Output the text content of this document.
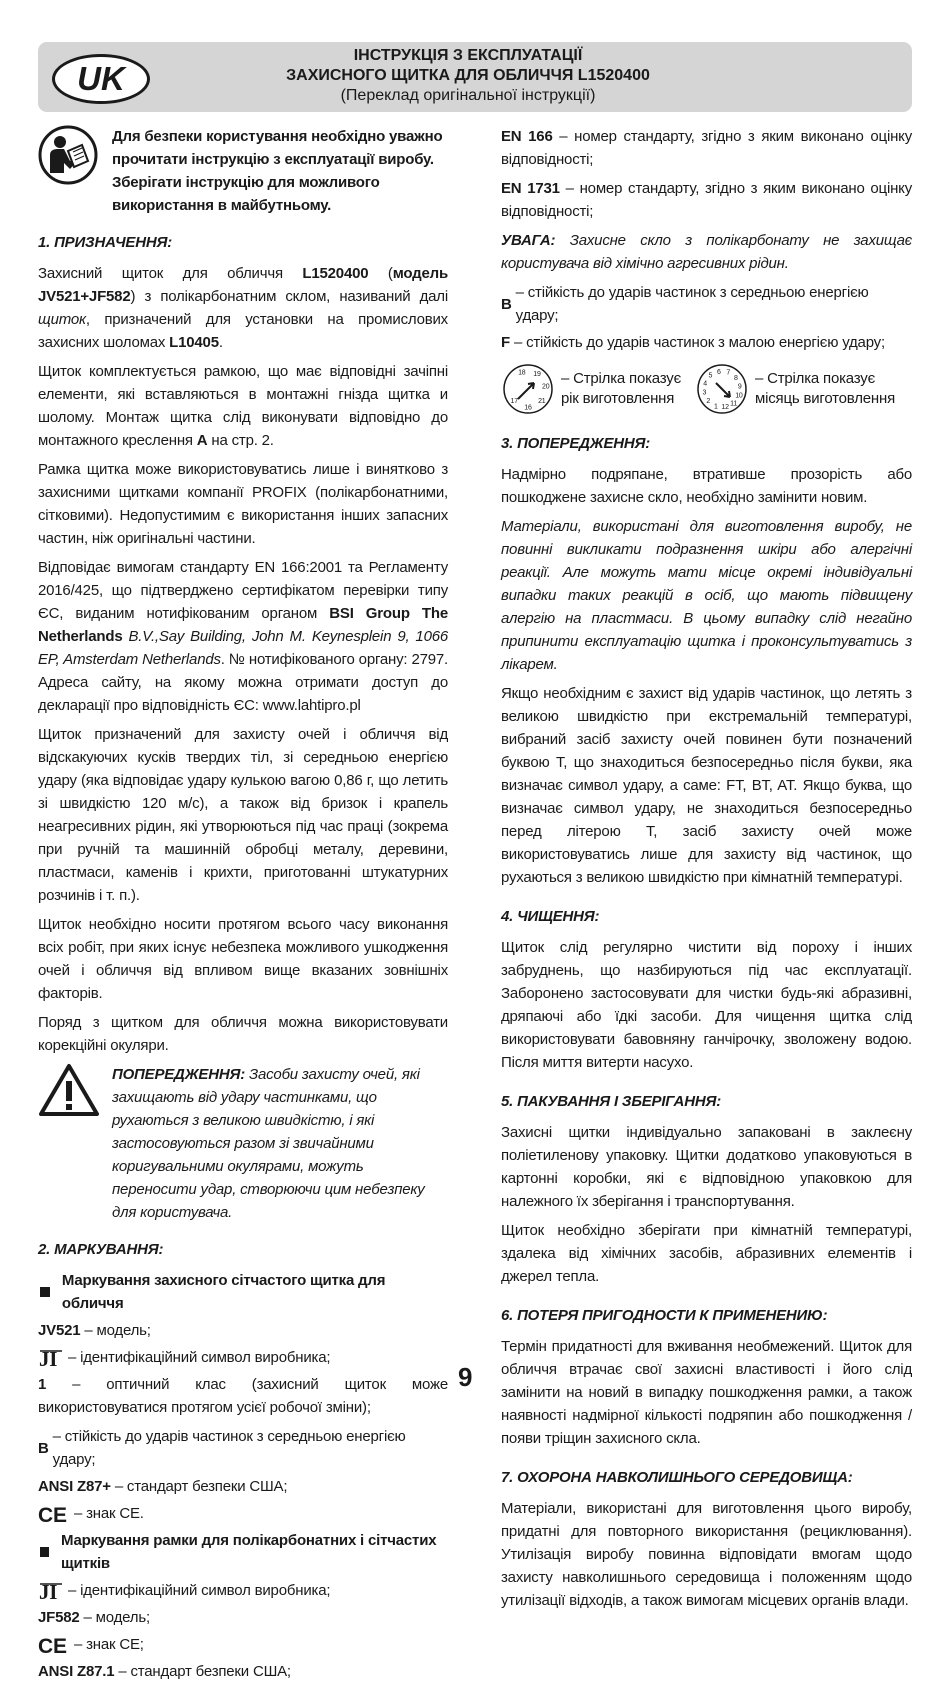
UK
ІНСТРУКЦІЯ З ЕКСПЛУАТАЦІЇ
ЗАХИСНОГО ЩИТКА ДЛЯ ОБЛИЧЧЯ L1520400
(Переклад оригінальної інструкції)

Для безпеки користування необхідно уважно прочитати інструкцію з експлуатації виробу. Зберігати інструкцію для можливого використання в майбутньому.

1. ПРИЗНАЧЕННЯ:

Захисний щиток для обличчя L1520400 (модель JV521+JF582) з полікарбонатним склом, називаний далі щиток, призначений для установки на промислових захисних шоломах L10405.

Щиток комплектується рамкою, що має відповідні зачіпні елементи, які вставляються в монтажні гнізда щитка и шолому. Монтаж щитка слід виконувати відповідно до монтажного креслення A на стр. 2.

Рамка щитка може використовуватись лише і винятково з захисними щитками компанії PROFIX (полікарбонатними, сітковими). Недопустимим є використання інших запасних частин, ніж оригінальні частини.

Відповідає вимогам стандарту EN 166:2001 та Регламенту 2016/425, що підтверджено сертифікатом перевірки типу ЄС, виданим нотифікованим органом BSI Group The Netherlands B.V.,Say Building, John M. Keynesplein 9, 1066 EP, Amsterdam Netherlands. № нотифікованого органу: 2797. Адреса сайту, на якому можна отримати доступ до декларації про відповідність ЄС: www.lahtipro.pl

Щиток призначений для захисту очей і обличчя від відскакуючих кусків твердих тіл, зі середньою енергією удару (яка відповідає удару кулькою вагою 0,86 г, що летить зі швидкістю 120 м/с), а також від бризок і крапель неагресивних рідин, які утворюються під час праці (зокрема при ручній та машинній обробці металу, деревини, пластмаси, каменів і крихти, приготованні штукатурних розчинів і т. п.).

Щиток необхідно носити протягом всього часу виконання всіх робіт, при яких існує небезпека можливого ушкодження очей і обличчя від впливом вище вказаних зовнішніх факторів.

Поряд з щитком для обличчя можна використовувати корекційні окуляри.

ПОПЕРЕДЖЕННЯ: Засоби захисту очей, які захищають від удару частинками, що рухаються з великою швидкістю, і які застосовуються разом зі звичайними коригувальними окулярами, можуть переносити удар, створюючи цим небезпеку для користувача.
2. МАРКУВАННЯ:
Маркування захисного сітчастого щитка для обличчя
JV521 – модель;
JI – ідентифікаційний символ виробника;

1 – оптичний клас (захисний щиток може використовуватися протягом усієї робочої зміни);

B
– стійкість до ударів частинок з середньою енергією удару;
ANSI Z87+ – стандарт безпеки США;
CE – знак CE.
Маркування рамки для полікарбонатних і сітчастих щитків
JI – ідентифікаційний символ виробника;
JF582 – модель;
CE – знак CE;
ANSI Z87.1 – стандарт безпеки США;

EN 166 – номер стандарту, згідно з яким виконано оцінку відповідності;

EN 1731 – номер стандарту, згідно з яким виконано оцінку відповідності;

УВАГА: Захисне скло з полікарбонату не захищає користувача від хімічно агресивних рідин.

B
– стійкість до ударів частинок з середньою енергією удару;
F – стійкість до ударів частинок з малою енергією удару;
18 19
20
21
16
17
– Стрілка показує рік виготовлення
6 7
8
9
10
11
12
1
2
3
4
5	– Стрілка показує місяць виготовлення
3. ПОПЕРЕДЖЕННЯ:

Надмірно подряпане, втративше прозорість або пошкоджене захисне скло, необхідно замінити новим.

Матеріали, використані для виготовлення виробу, не повинні викликати подразнення шкіри або алергічні реакції. Але можуть мати місце окремі індивідуальні випадки таких реакцій в осіб, що мають підвищену алергію на пластмаси. В цьому випадку слід негайно припинити експлуатацію щитка і проконсультуватись з лікарем.

Якщо необхідним є захист від ударів частинок, що летять з великою швидкістю при екстремальній температурі, вибраний засіб захисту очей повинен бути позначений буквою T, що знаходиться безпосередньо після букви, яка визначає символ удару, а саме: FT, BT, AT. Якщо буква, що визначає символ удару, не знаходиться безпосередньо перед літерою T, засіб захисту очей може використовуватись лише для захисту від частинок, що рухаються з великою швидкістю при кімнатній температурі.

4. ЧИЩЕННЯ:

Щиток слід регулярно чистити від пороху і інших забруднень, що назбируються під час експлуатації. Заборонено застосовувати для чистки будь-які абразивні, дряпаючі або їдкі засоби. Для чищення щитка слід використовувати бавовняну ганчірочку, зволожену водою. Після миття витерти насухо.

5. ПАКУВАННЯ І ЗБЕРІГАННЯ:

Захисні щитки індивідуально запаковані в заклеєну поліетиленову упаковку. Щитки додатково упаковуються в картонні коробки, які є відповідною упаковкою для належного їх зберігання і транспортування.

Щиток необхідно зберігати при кімнатній температурі, здалека від хімічних засобів, абразивних елементів і джерел тепла.

6. ПОТЕРЯ ПРИГОДНОСТИ К ПРИМЕНЕНИЮ:

Термін придатності для вживання необмежений. Щиток для обличчя втрачає свої захисні властивості і його слід замінити на новий в випадку пошкодження рамки, а також наявності надмірної кількості подряпин або пошкодження / появи тріщин захисного скла.

7. ОХОРОНА НАВКОЛИШНЬОГО СЕРЕДОВИЩА:

Матеріали, використані для виготовлення цього виробу, придатні для повторного використання (рециклювання). Утилізація виробу повинна відповідати вмогам щодо захисту навколишнього середовища і положенням щодо утилізації відходів, а також вимогам місцевих органів влади.

9
